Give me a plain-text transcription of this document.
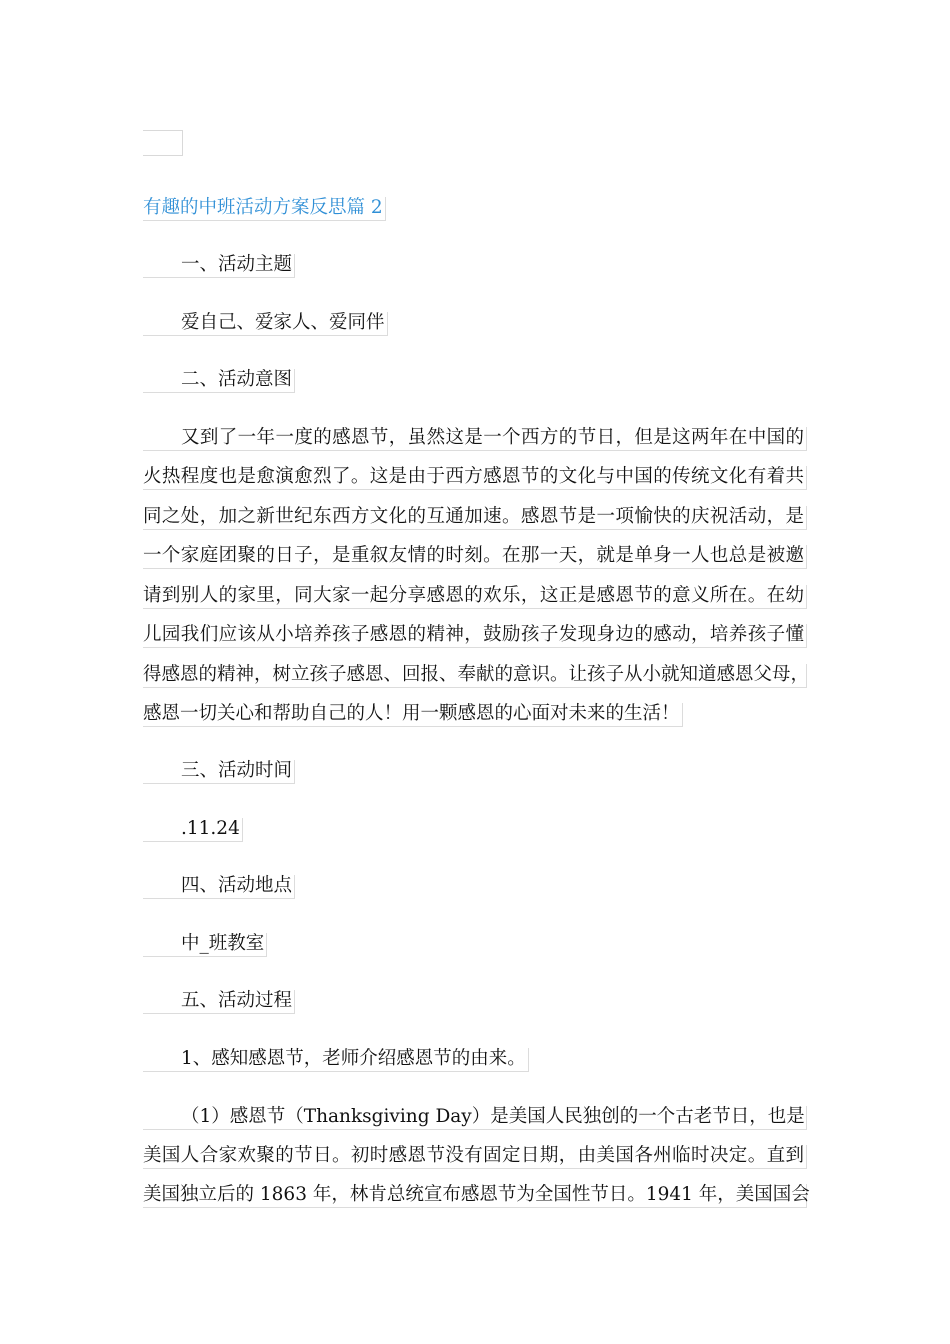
有趣的中班活动方案反思篇 2
一、活动主题
爱自己、爱家人、爱同伴
二、活动意图
又到了一年一度的感恩节，虽然这是一个西方的节日，但是这两年在中国的
火热程度也是愈演愈烈了。这是由于西方感恩节的文化与中国的传统文化有着共
同之处，加之新世纪东西方文化的互通加速。感恩节是一项愉快的庆祝活动，是
一个家庭团聚的日子，是重叙友情的时刻。在那一天，就是单身一人也总是被邀
请到别人的家里，同大家一起分享感恩的欢乐，这正是感恩节的意义所在。在幼
儿园我们应该从小培养孩子感恩的精神，鼓励孩子发现身边的感动，培养孩子懂
得感恩的精神，树立孩子感恩、回报、奉献的意识。让孩子从小就知道感恩父母，
感恩一切关心和帮助自己的人！用一颗感恩的心面对未来的生活！
三、活动时间
.11.24
四、活动地点
中_班教室
五、活动过程
1、感知感恩节，老师介绍感恩节的由来。
（1）感恩节（Thanksgiving Day）是美国人民独创的一个古老节日，也是
美国人合家欢聚的节日。初时感恩节没有固定日期，由美国各州临时决定。直到
美国独立后的 1863 年，林肯总统宣布感恩节为全国性节日。1941 年，美国国会
